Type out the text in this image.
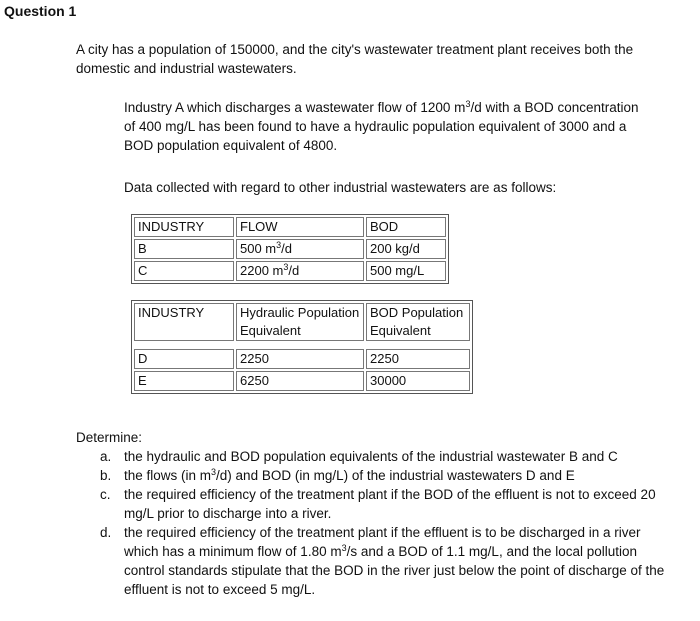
Question 1

A city has a population of 150000, and the city's wastewater treatment plant receives both the domestic and industrial wastewaters.

Industry A which discharges a wastewater flow of 1200 $m^3/d$ with a BOD concentration of 400 mg/L has been found to have a hydraulic population equivalent of 3000 and a BOD population equivalent of 4800.

Data collected with regard to other industrial wastewaters are as follows:

INDUSTRY	FLOW	BOD
B	500 $m^3/d$	200 kg/d
C	2200 $m^3/d$	500 mg/L
INDUSTRY	Hydraulic Population Equivalent	BOD Population Equivalent

D	2250	2250
E	6250	30000

Determine:

a. the hydraulic and BOD population equivalents of the industrial wastewater B and C
b. the flows (in $m^3/d$) and BOD (in mg/L) of the industrial wastewaters D and E
c. the required efficiency of the treatment plant if the BOD of the effluent is not to exceed 20 mg/L prior to discharge into a river.
d. the required efficiency of the treatment plant if the effluent is to be discharged in a river which has a minimum flow of 1.80 $m^3/s$ and a BOD of 1.1 mg/L, and the local pollution control standards stipulate that the BOD in the river just below the point of discharge of the effluent is not to exceed 5 mg/L.
